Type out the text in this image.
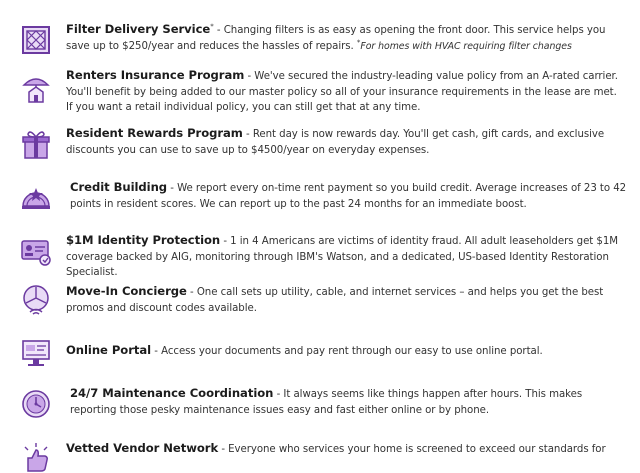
Filter Delivery Service* - Changing filters is as easy as opening the front door. This service helps you save up to $250/year and reduces the hassles of repairs. *For homes with HVAC requiring filter changes
Renters Insurance Program - We've secured the industry-leading value policy from an A-rated carrier. You'll benefit by being added to our master policy so all of your insurance requirements in the lease are met. If you want a retail individual policy, you can still get that at any time.
Resident Rewards Program - Rent day is now rewards day. You'll get cash, gift cards, and exclusive discounts you can use to save up to $4500/year on everyday expenses.
Credit Building - We report every on-time rent payment so you build credit. Average increases of 23 to 42 points in resident scores. We can report up to the past 24 months for an immediate boost.
$1M Identity Protection - 1 in 4 Americans are victims of identity fraud. All adult leaseholders get $1M coverage backed by AIG, monitoring through IBM's Watson, and a dedicated, US-based Identity Restoration Specialist.
Move-In Concierge - One call sets up utility, cable, and internet services – and helps you get the best promos and discount codes available.
Online Portal - Access your documents and pay rent through our easy to use online portal.
24/7 Maintenance Coordination - It always seems like things happen after hours. This makes reporting those pesky maintenance issues easy and fast either online or by phone.
Vetted Vendor Network - Everyone who services your home is screened to exceed our standards for
